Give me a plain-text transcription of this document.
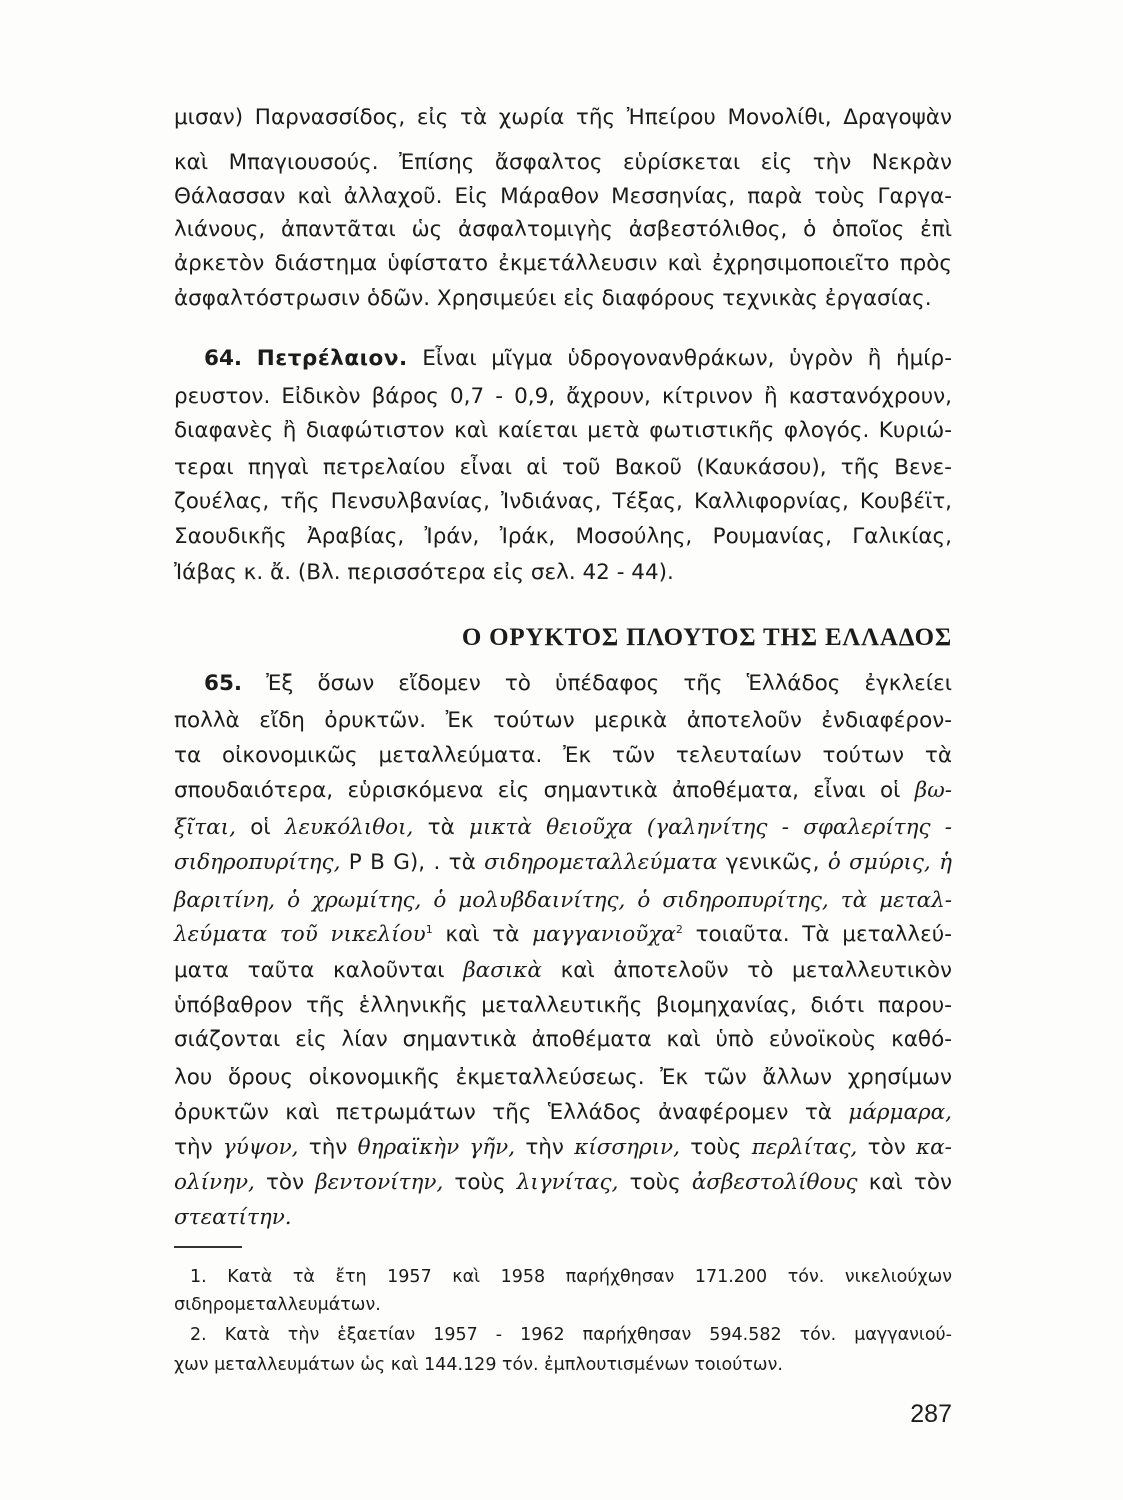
μισαν) Παρνασσίδος, εἰς τὰ χωρία τῆς Ἠπείρου Μονολίθι, Δραγοψὰν
καὶ Μπαγιουσούς. Ἐπίσης ἄσφαλτος εὑρίσκεται εἰς τὴν Νεκρὰν
Θάλασσαν καὶ ἀλλαχοῦ. Εἰς Μάραθον Μεσσηνίας, παρὰ τοὺς Γαργα-
λιάνους, ἀπαντᾶται ὡς ἀσφαλτομιγὴς ἀσβεστόλιθος, ὁ ὁποῖος ἐπὶ
ἀρκετὸν διάστημα ὑφίστατο ἐκμετάλλευσιν καὶ ἐχρησιμοποιεῖτο πρὸς
ἀσφαλτόστρωσιν ὁδῶν. Χρησιμεύει εἰς διαφόρους τεχνικὰς ἐργασίας.
64. Πετρέλαιον. Εἶναι μῖγμα ὑδρογονανθράκων, ὑγρὸν ἢ ἡμίρ-
ρευστον. Εἰδικὸν βάρος 0,7 - 0,9, ἄχρουν, κίτρινον ἢ καστανόχρουν,
διαφανὲς ἢ διαφώτιστον καὶ καίεται μετὰ φωτιστικῆς φλογός. Κυριώ-
τεραι πηγαὶ πετρελαίου εἶναι αἱ τοῦ Βακοῦ (Καυκάσου), τῆς Βενε-
ζουέλας, τῆς Πενσυλβανίας, Ἰνδιάνας, Τέξας, Καλλιφορνίας, Κουβέϊτ,
Σαουδικῆς Ἀραβίας, Ἰράν, Ἰράκ, Μοσούλης, Ρουμανίας, Γαλικίας,
Ἰάβας κ. ἄ. (Βλ. περισσότερα εἰς σελ. 42 - 44).
Ο ΟΡΥΚΤΟΣ ΠΛΟΥΤΟΣ ΤΗΣ ΕΛΛΑΔΟΣ
65. Ἐξ ὅσων εἴδομεν τὸ ὑπέδαφος τῆς Ἑλλάδος ἐγκλείει
πολλὰ εἴδη ὀρυκτῶν. Ἐκ τούτων μερικὰ ἀποτελοῦν ἐνδιαφέρον-
τα οἰκονομικῶς μεταλλεύματα. Ἐκ τῶν τελευταίων τούτων τὰ
σπουδαιότερα, εὑρισκόμενα εἰς σημαντικὰ ἀποθέματα, εἶναι οἱ βω-
ξῖται, οἱ λευκόλιθοι, τὰ μικτὰ θειοῦχα (γαληνίτης - σφαλερίτης -
σιδηροπυρίτης, P B G), . τὰ σιδηρομεταλλεύματα γενικῶς, ὁ σμύρις, ἡ
βαριτίνη, ὁ χρωμίτης, ὁ μολυβδαινίτης, ὁ σιδηροπυρίτης, τὰ μεταλ-
λεύματα τοῦ νικελίου$^1$ καὶ τὰ μαγγανιοῦχα$^2$ τοιαῦτα. Τὰ μεταλλεύ-
ματα ταῦτα καλοῦνται βασικὰ καὶ ἀποτελοῦν τὸ μεταλλευτικὸν
ὑπόβαθρον τῆς ἑλληνικῆς μεταλλευτικῆς βιομηχανίας, διότι παρου-
σιάζονται εἰς λίαν σημαντικὰ ἀποθέματα καὶ ὑπὸ εὐνοϊκοὺς καθό-
λου ὅρους οἰκονομικῆς ἐκμεταλλεύσεως. Ἐκ τῶν ἄλλων χρησίμων
ὀρυκτῶν καὶ πετρωμάτων τῆς Ἑλλάδος ἀναφέρομεν τὰ μάρμαρα,
τὴν γύψον, τὴν θηραϊκὴν γῆν, τὴν κίσσηριν, τοὺς περλίτας, τὸν κα-
ολίνην, τὸν βεντονίτην, τοὺς λιγνίτας, τοὺς ἀσβεστολίθους καὶ τὸν
στεατίτην.
1. Κατὰ τὰ ἔτη 1957 καὶ 1958 παρήχθησαν 171.200 τόν. νικελιούχων
σιδηρομεταλλευμάτων.
2. Κατὰ τὴν ἑξαετίαν 1957 - 1962 παρήχθησαν 594.582 τόν. μαγγανιού-
χων μεταλλευμάτων ὡς καὶ 144.129 τόν. ἐμπλουτισμένων τοιούτων.
287
